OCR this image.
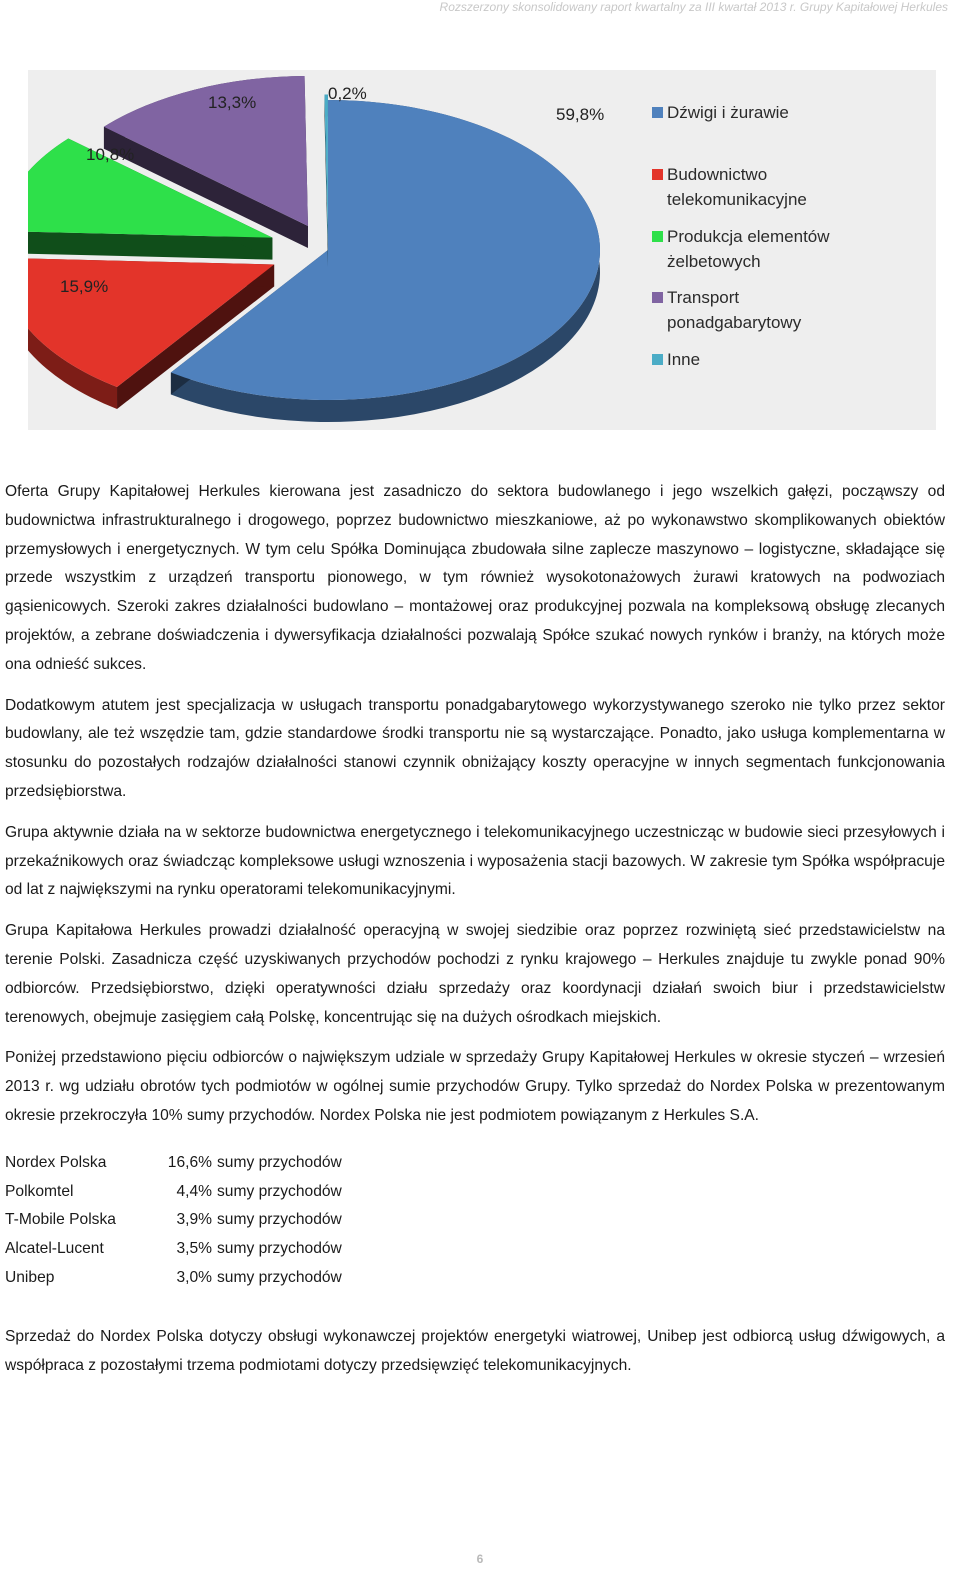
Rozszerzony skonsolidowany raport kwartalny za III kwartał 2013 r. Grupy Kapitałowej Herkules
59,8%
15,9%
10,8%
13,3%	0,2%
Dźwigi i żurawie
Budownictwo telekomunikacyjne
Produkcja elementów żelbetowych
Transport ponadgabarytowy
Inne

Oferta Grupy Kapitałowej Herkules kierowana jest zasadniczo do sektora budowlanego i jego wszelkich gałęzi, począwszy od budownictwa infrastrukturalnego i drogowego, poprzez budownictwo mieszkaniowe, aż po wykonawstwo skomplikowanych obiektów przemysłowych i energetycznych. W tym celu Spółka Dominująca zbudowała silne zaplecze maszynowo – logistyczne, składające się przede wszystkim z urządzeń transportu pionowego, w tym również wysokotonażowych żurawi kratowych na podwoziach gąsienicowych. Szeroki zakres działalności budowlano – montażowej oraz produkcyjnej pozwala na kompleksową obsługę zlecanych projektów, a zebrane doświadczenia i dywersyfikacja działalności pozwalają Spółce szukać nowych rynków i branży, na których może ona odnieść sukces.

Dodatkowym atutem jest specjalizacja w usługach transportu ponadgabarytowego wykorzystywanego szeroko nie tylko przez sektor budowlany, ale też wszędzie tam, gdzie standardowe środki transportu nie są wystarczające. Ponadto, jako usługa komplementarna w stosunku do pozostałych rodzajów działalności stanowi czynnik obniżający koszty operacyjne w innych segmentach funkcjonowania przedsiębiorstwa.

Grupa aktywnie działa na w sektorze budownictwa energetycznego i telekomunikacyjnego uczestnicząc w budowie sieci przesyłowych i przekaźnikowych oraz świadcząc kompleksowe usługi wznoszenia i wyposażenia stacji bazowych. W zakresie tym Spółka współpracuje od lat z największymi na rynku operatorami telekomunikacyjnymi.

Grupa Kapitałowa Herkules prowadzi działalność operacyjną w swojej siedzibie oraz poprzez rozwiniętą sieć przedstawicielstw na terenie Polski. Zasadnicza część uzyskiwanych przychodów pochodzi z rynku krajowego – Herkules znajduje tu zwykle ponad 90% odbiorców. Przedsiębiorstwo, dzięki operatywności działu sprzedaży oraz koordynacji działań swoich biur i przedstawicielstw terenowych, obejmuje zasięgiem całą Polskę, koncentrując się na dużych ośrodkach miejskich.

Poniżej przedstawiono pięciu odbiorców o największym udziale w sprzedaży Grupy Kapitałowej Herkules w okresie styczeń – wrzesień 2013 r. wg udziału obrotów tych podmiotów w ogólnej sumie przychodów Grupy. Tylko sprzedaż do Nordex Polska w prezentowanym okresie przekroczyła 10% sumy przychodów. Nordex Polska nie jest podmiotem powiązanym z Herkules S.A.

Nordex Polska	16,6% sumy przychodów
Polkomtel	4,4% sumy przychodów
T-Mobile Polska	3,9% sumy przychodów
Alcatel-Lucent	3,5% sumy przychodów
Unibep	3,0% sumy przychodów

Sprzedaż do Nordex Polska dotyczy obsługi wykonawczej projektów energetyki wiatrowej, Unibep jest odbiorcą usług dźwigowych, a współpraca z pozostałymi trzema podmiotami dotyczy przedsięwzięć telekomunikacyjnych.

6
